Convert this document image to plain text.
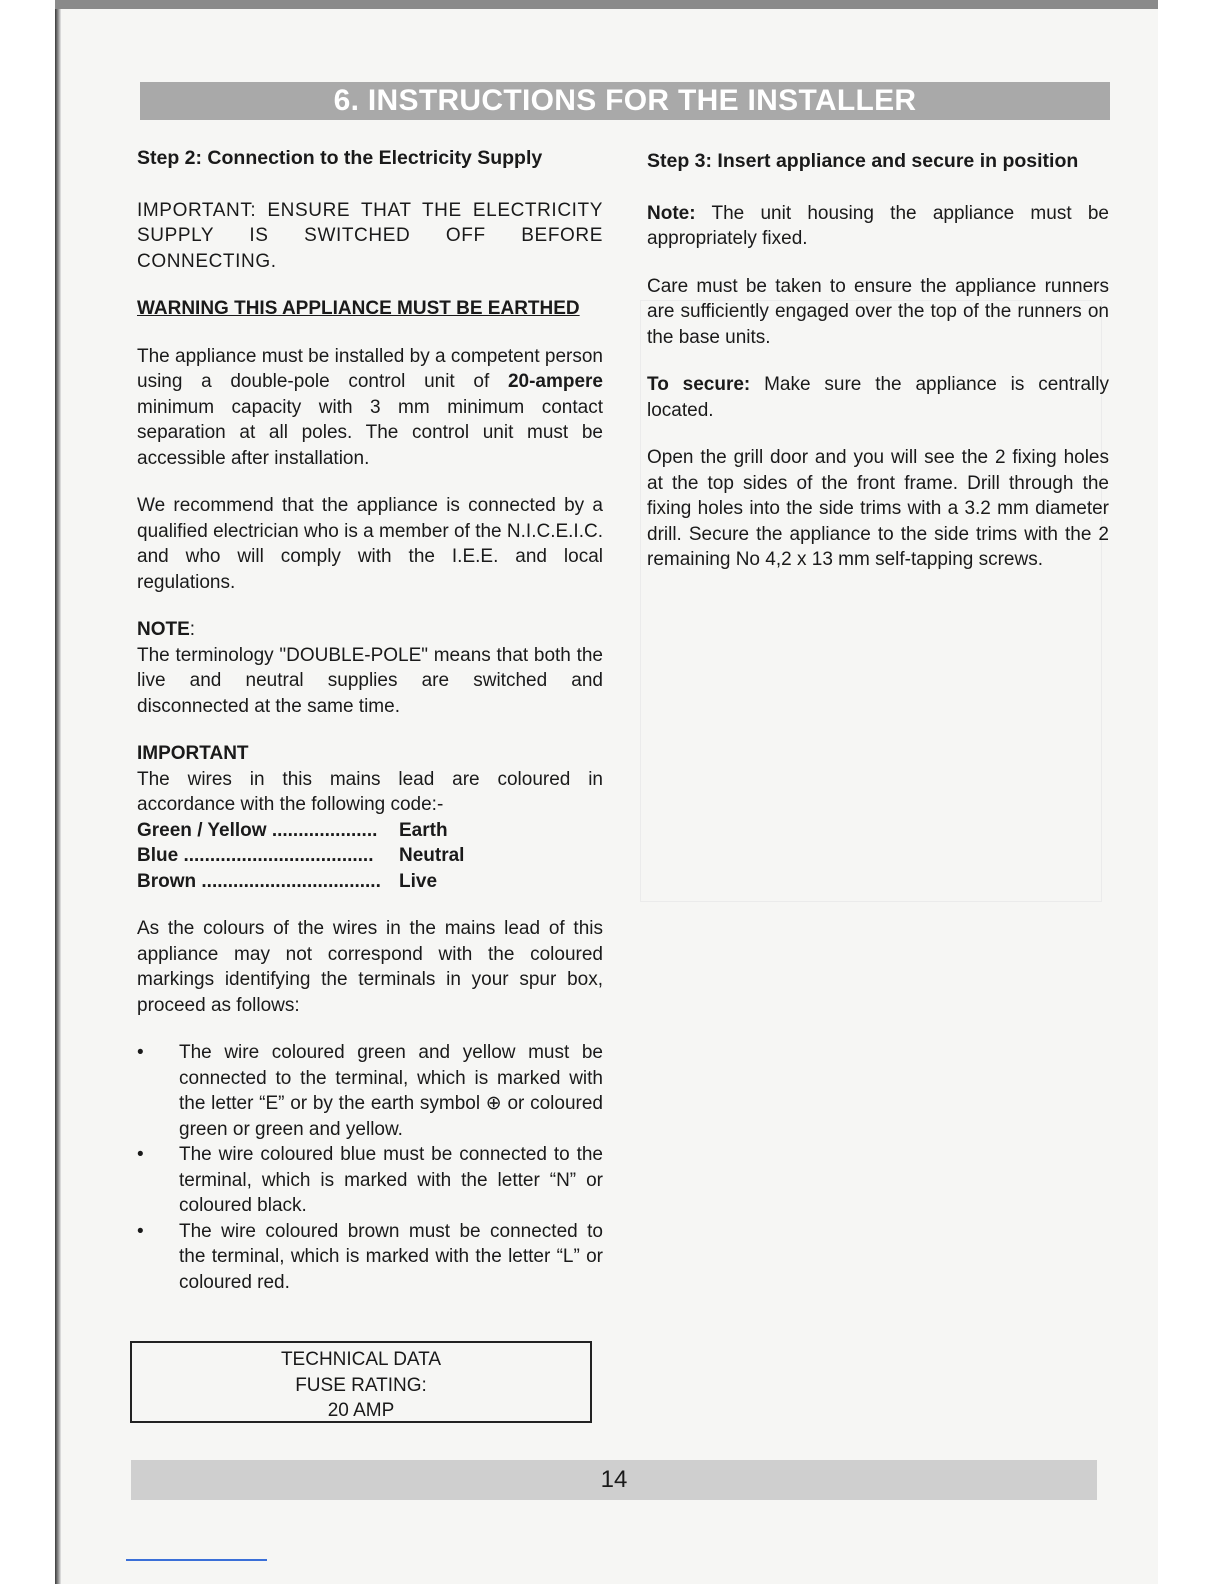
6. INSTRUCTIONS FOR THE INSTALLER

Step 2: Connection to the Electricity Supply

IMPORTANT: ENSURE THAT THE ELECTRICITY SUPPLY IS SWITCHED OFF BEFORE CONNECTING.

WARNING THIS APPLIANCE MUST BE EARTHED

The appliance must be installed by a competent person using a double-pole control unit of 20-ampere minimum capacity with 3 mm minimum contact separation at all poles. The control unit must be accessible after installation.

We recommend that the appliance is connected by a qualified electrician who is a member of the N.I.C.E.I.C. and who will comply with the I.E.E. and local regulations.

NOTE:

The terminology "DOUBLE-POLE" means that both the live and neutral supplies are switched and disconnected at the same time.

IMPORTANT

The wires in this mains lead are coloured in accordance with the following code:-

Green / Yellow .................... Earth
Blue .................................... Neutral
Brown .................................. Live

As the colours of the wires in the mains lead of this appliance may not correspond with the coloured markings identifying the terminals in your spur box, proceed as follows:

• The wire coloured green and yellow must be connected to the terminal, which is marked with the letter “E” or by the earth symbol ⊕ or coloured green or green and yellow.
• The wire coloured blue must be connected to the terminal, which is marked with the letter “N” or coloured black.
• The wire coloured brown must be connected to the terminal, which is marked with the letter “L” or coloured red.
TECHNICAL DATA
FUSE RATING:
20 AMP

Step 3: Insert appliance and secure in position

Note: The unit housing the appliance must be appropriately fixed.

Care must be taken to ensure the appliance runners are sufficiently engaged over the top of the runners on the base units.

To secure: Make sure the appliance is centrally located.

Open the grill door and you will see the 2 fixing holes at the top sides of the front frame. Drill through the fixing holes into the side trims with a 3.2 mm diameter drill. Secure the appliance to the side trims with the 2 remaining No 4,2 x 13 mm self-tapping screws.

14
